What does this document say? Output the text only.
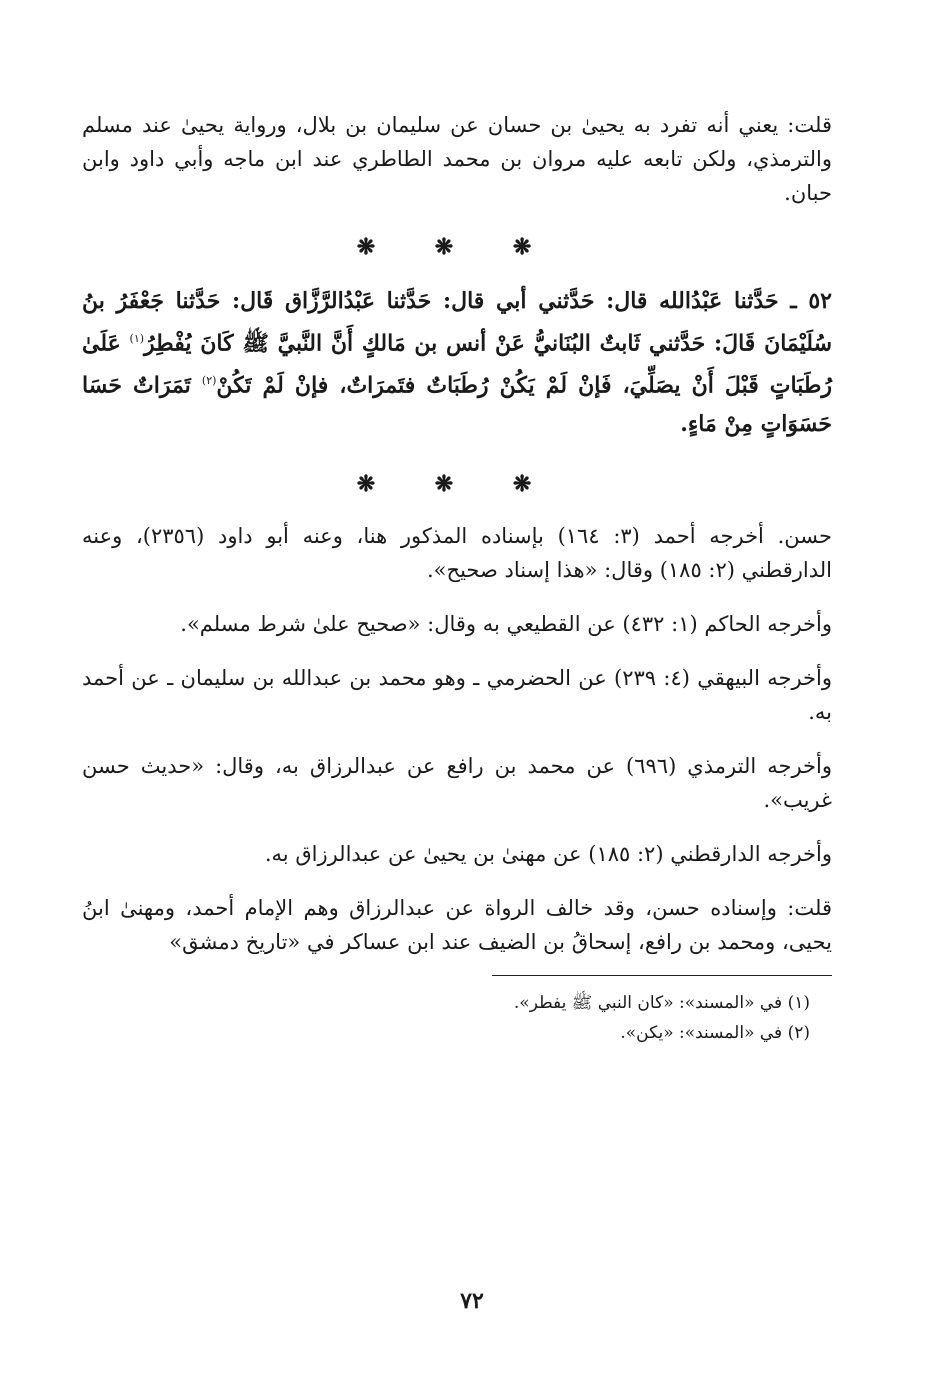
قلت: يعني أنه تفرد به يحيىٰ بن حسان عن سليمان بن بلال، ورواية يحيىٰ عند مسلم والترمذي، ولكن تابعه عليه مروان بن محمد الطاطري عند ابن ماجه وأبي داود وابن حبان.

❋ ❋ ❋

٥٢ ـ حَدَّثنا عَبْدُالله قال: حَدَّثني أبي قال: حَدَّثنا عَبْدُالرَّزَّاق قَال: حَدَّثنا جَعْفَرُ بنُ سُلَيْمَانَ قَالَ: حَدَّثني ثَابتٌ البُنَانيُّ عَنْ أنس بن مَالكٍ أَنَّ النَّبيَّ ﷺ كَانَ يُفْطِرُ$^{(١)}$ عَلَىٰ رُطَبَاتٍ قَبْلَ أَنْ يصَلِّيَ، فَإنْ لَمْ يَكُنْ رُطَبَاتٌ فتَمرَاتٌ، فإنْ لَمْ تَكُنْ$^{(٢)}$ تَمَرَاتٌ حَسَا حَسَوَاتٍ مِنْ مَاءٍ.

❋ ❋ ❋

حسن. أخرجه أحمد (٣: ١٦٤) بإسناده المذكور هنا، وعنه أبو داود (٢٣٥٦)، وعنه الدارقطني (٢: ١٨٥) وقال: «هذا إسناد صحيح».

وأخرجه الحاكم (١: ٤٣٢) عن القطيعي به وقال: «صحيح علىٰ شرط مسلم».

وأخرجه البيهقي (٤: ٢٣٩) عن الحضرمي ـ وهو محمد بن عبدالله بن سليمان ـ عن أحمد به.

وأخرجه الترمذي (٦٩٦) عن محمد بن رافع عن عبدالرزاق به، وقال: «حديث حسن غريب».

وأخرجه الدارقطني (٢: ١٨٥) عن مهنىٰ بن يحيىٰ عن عبدالرزاق به.

قلت: وإسناده حسن، وقد خالف الرواة عن عبدالرزاق وهم الإمام أحمد، ومهنىٰ ابنُ يحيى، ومحمد بن رافع، إسحاقُ بن الضيف عند ابن عساكر في «تاريخ دمشق»

(١) في «المسند»: «كان النبي ﷺ يفطر».

(٢) في «المسند»: «يكن».

٧٢
